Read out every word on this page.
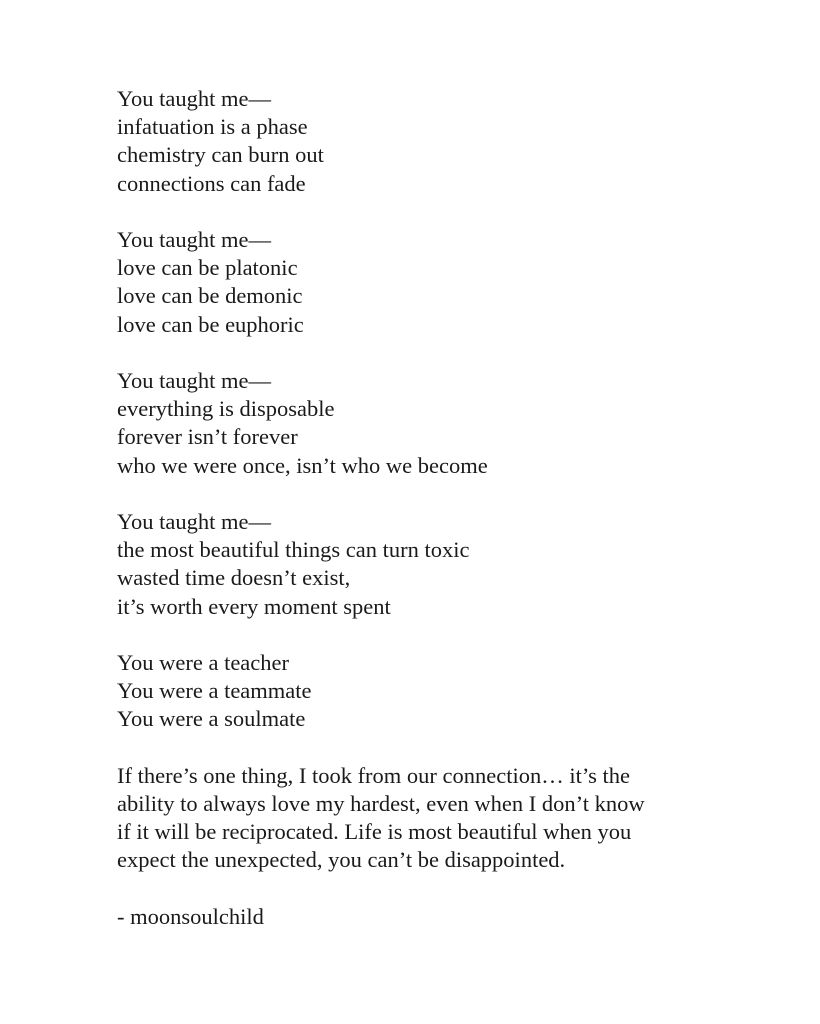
You taught me—
infatuation is a phase
chemistry can burn out
connections can fade
You taught me—
love can be platonic
love can be demonic
love can be euphoric
You taught me—
everything is disposable
forever isn’t forever
who we were once, isn’t who we become
You taught me—
the most beautiful things can turn toxic
wasted time doesn’t exist,
it’s worth every moment spent
You were a teacher
You were a teammate
You were a soulmate
If there’s one thing, I took from our connection… it’s the
ability to always love my hardest, even when I don’t know
if it will be reciprocated. Life is most beautiful when you
expect the unexpected, you can’t be disappointed.
- moonsoulchild
